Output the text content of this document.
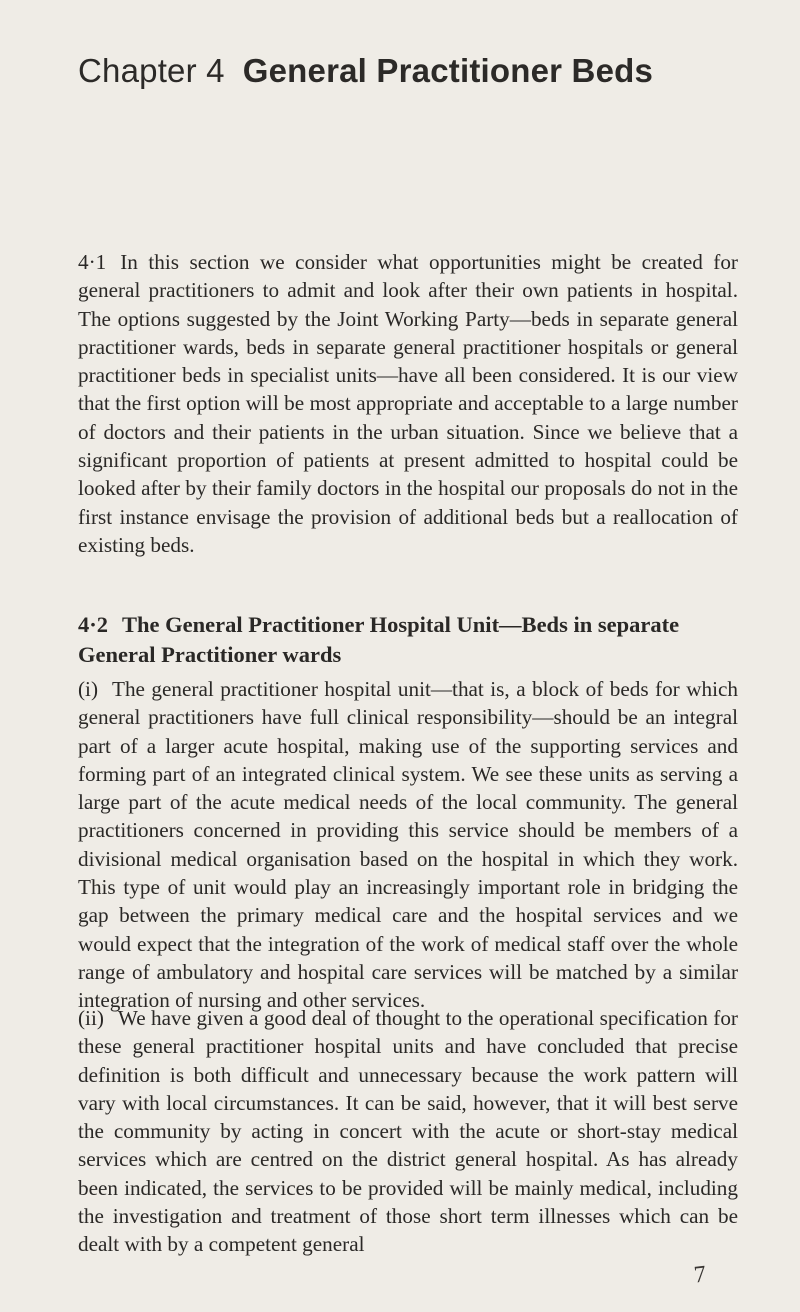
Chapter 4 General Practitioner Beds

4·1 In this section we consider what opportunities might be created for general practitioners to admit and look after their own patients in hospital. The options suggested by the Joint Working Party—beds in separate general practitioner wards, beds in separate general practitioner hospitals or general practitioner beds in specialist units—have all been considered. It is our view that the first option will be most appropriate and acceptable to a large number of doctors and their patients in the urban situation. Since we believe that a significant proportion of patients at present admitted to hospital could be looked after by their family doctors in the hospital our proposals do not in the first instance envisage the provision of additional beds but a reallocation of existing beds.

4·2 The General Practitioner Hospital Unit—Beds in separate General Practitioner wards

(i) The general practitioner hospital unit—that is, a block of beds for which general practitioners have full clinical responsibility—should be an integral part of a larger acute hospital, making use of the supporting services and forming part of an integrated clinical system. We see these units as serving a large part of the acute medical needs of the local community. The general practitioners concerned in providing this service should be members of a divisional medical organisation based on the hospital in which they work. This type of unit would play an increasingly important role in bridging the gap between the primary medical care and the hospital services and we would expect that the integration of the work of medical staff over the whole range of ambulatory and hospital care services will be matched by a similar integration of nursing and other services.

(ii) We have given a good deal of thought to the operational specification for these general practitioner hospital units and have concluded that precise definition is both difficult and unnecessary because the work pattern will vary with local circumstances. It can be said, however, that it will best serve the community by acting in concert with the acute or short-stay medical services which are centred on the district general hospital. As has already been indicated, the services to be provided will be mainly medical, including the investigation and treatment of those short term illnesses which can be dealt with by a competent general

7
